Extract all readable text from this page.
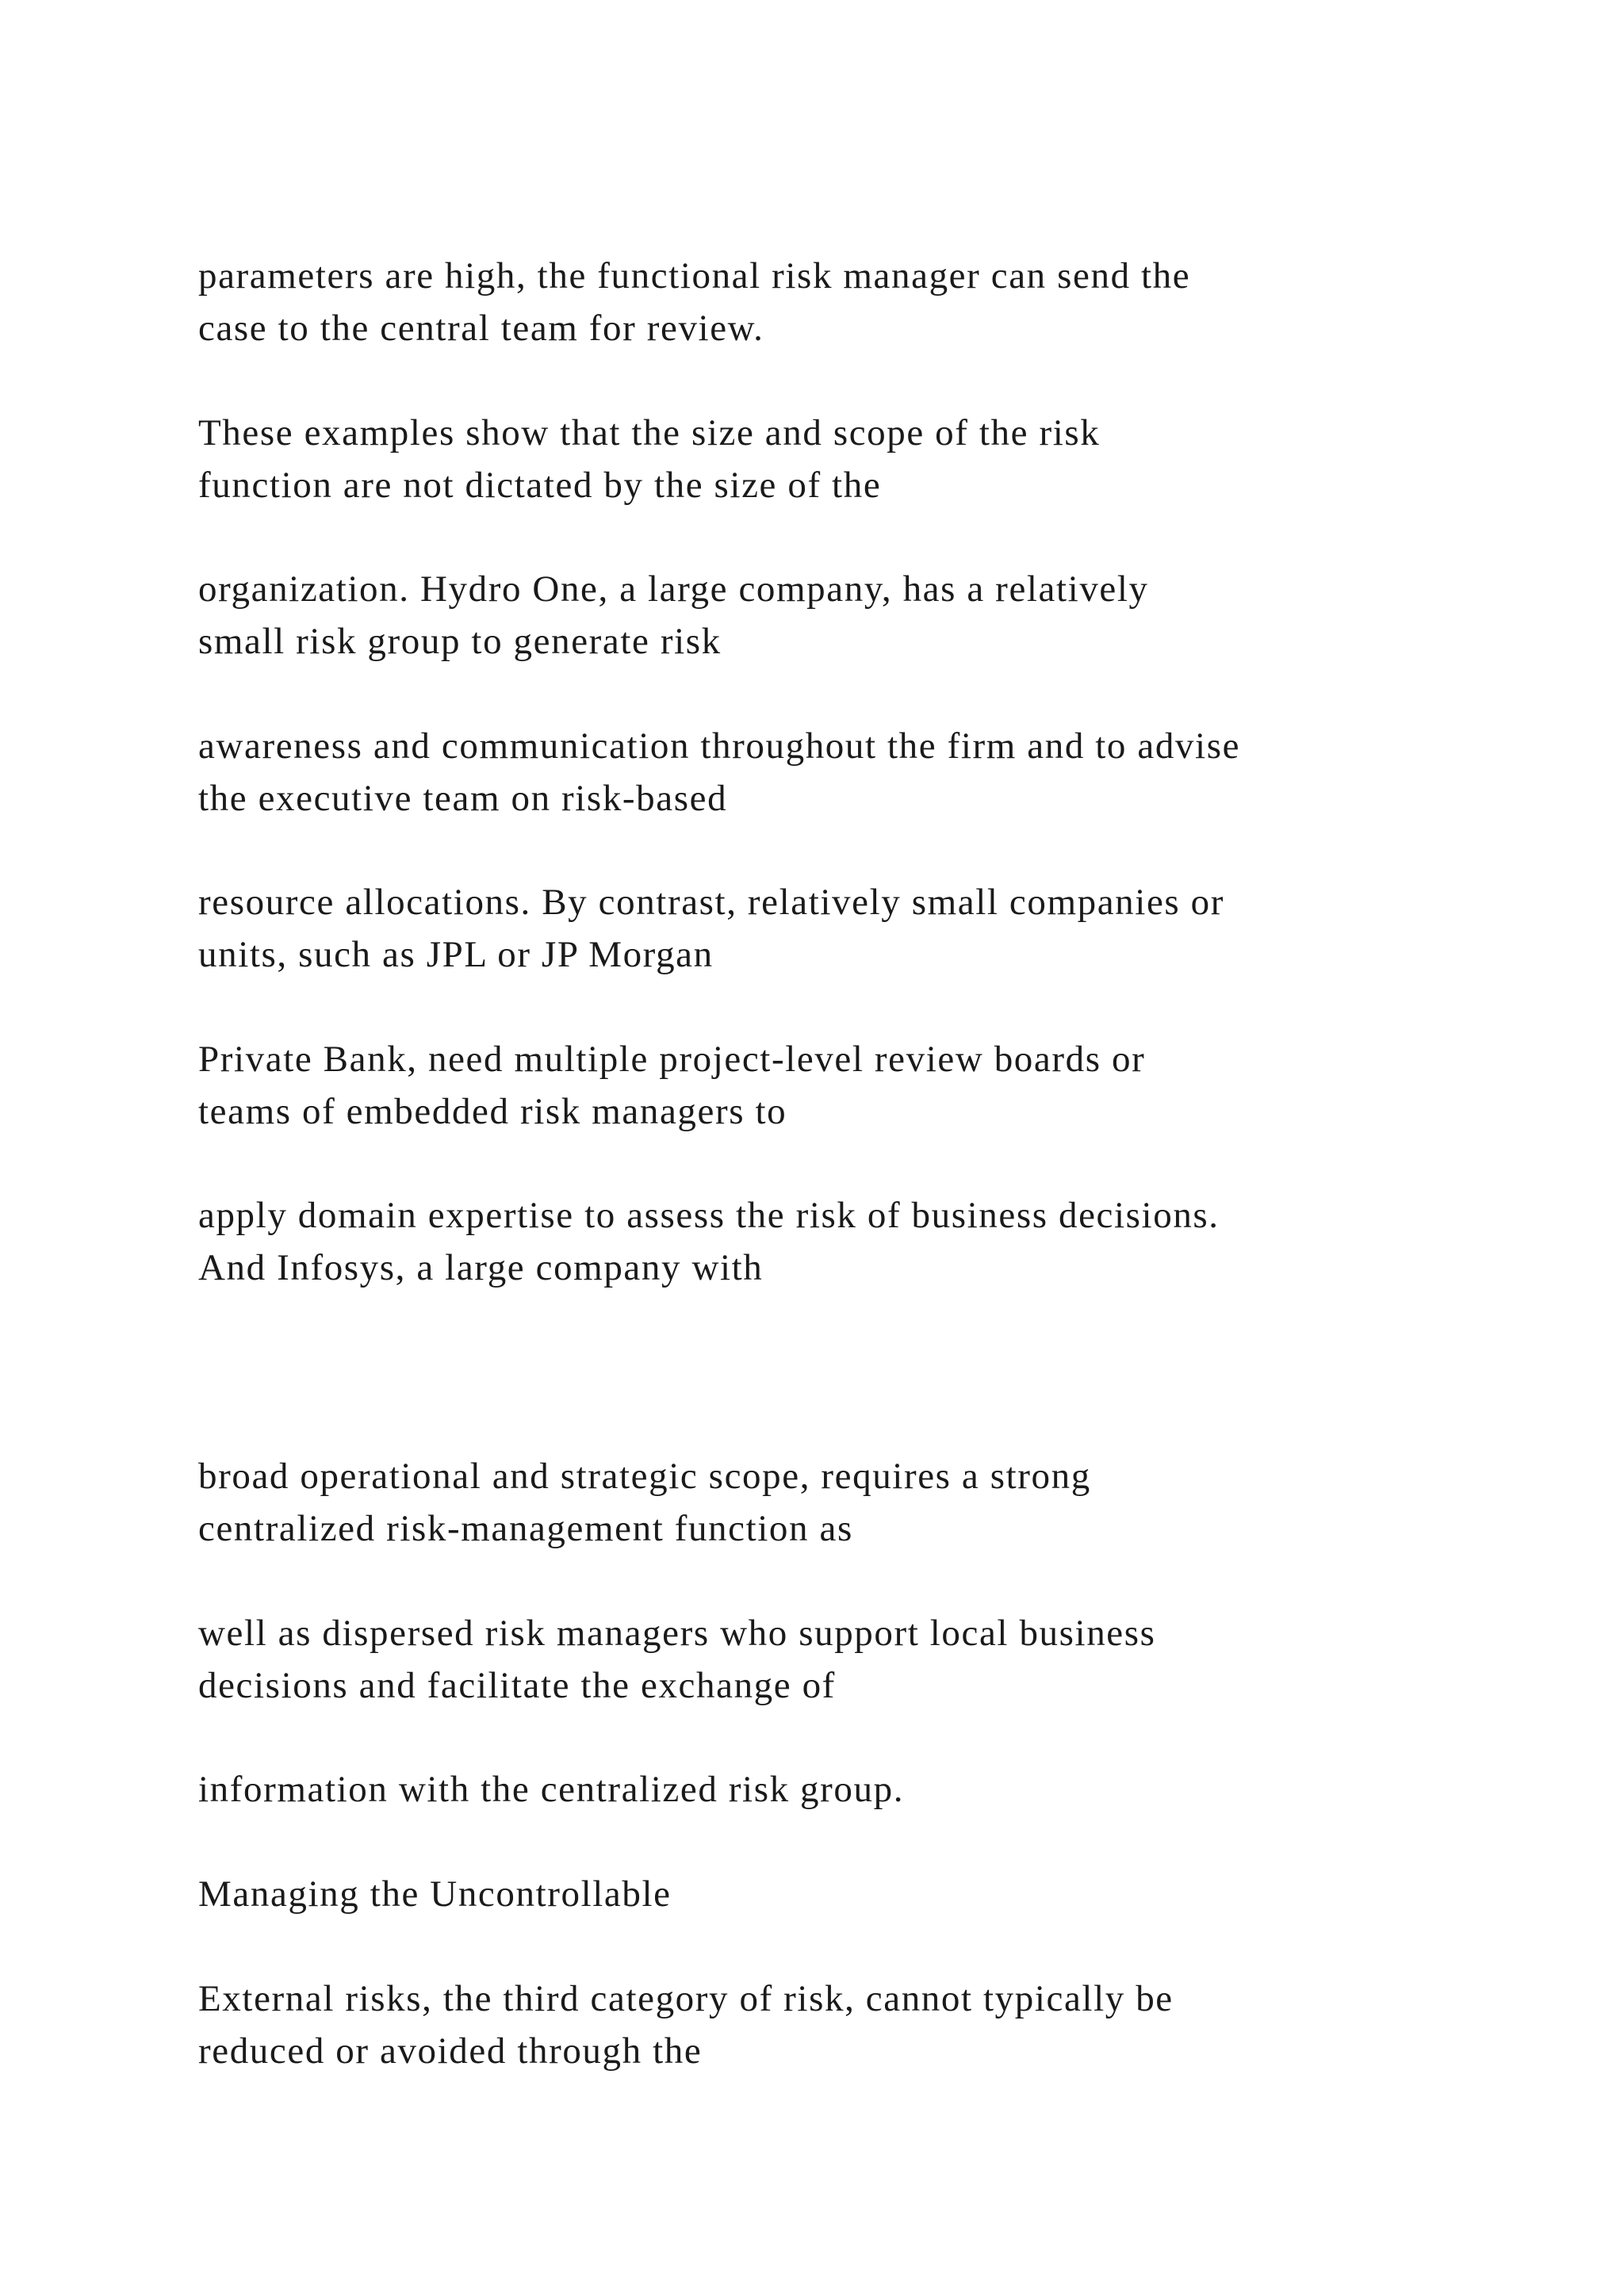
parameters are high, the functional risk manager can send the
case to the central team for review.

These examples show that the size and scope of the risk
function are not dictated by the size of the

organization. Hydro One, a large company, has a relatively
small risk group to generate risk

awareness and communication throughout the firm and to advise
the executive team on risk-based

resource allocations. By contrast, relatively small companies or
units, such as JPL or JP Morgan

Private Bank, need multiple project-level review boards or
teams of embedded risk managers to

apply domain expertise to assess the risk of business decisions.
And Infosys, a large company with

broad operational and strategic scope, requires a strong
centralized risk-management function as

well as dispersed risk managers who support local business
decisions and facilitate the exchange of

information with the centralized risk group.

Managing the Uncontrollable

External risks, the third category of risk, cannot typically be
reduced or avoided through the
